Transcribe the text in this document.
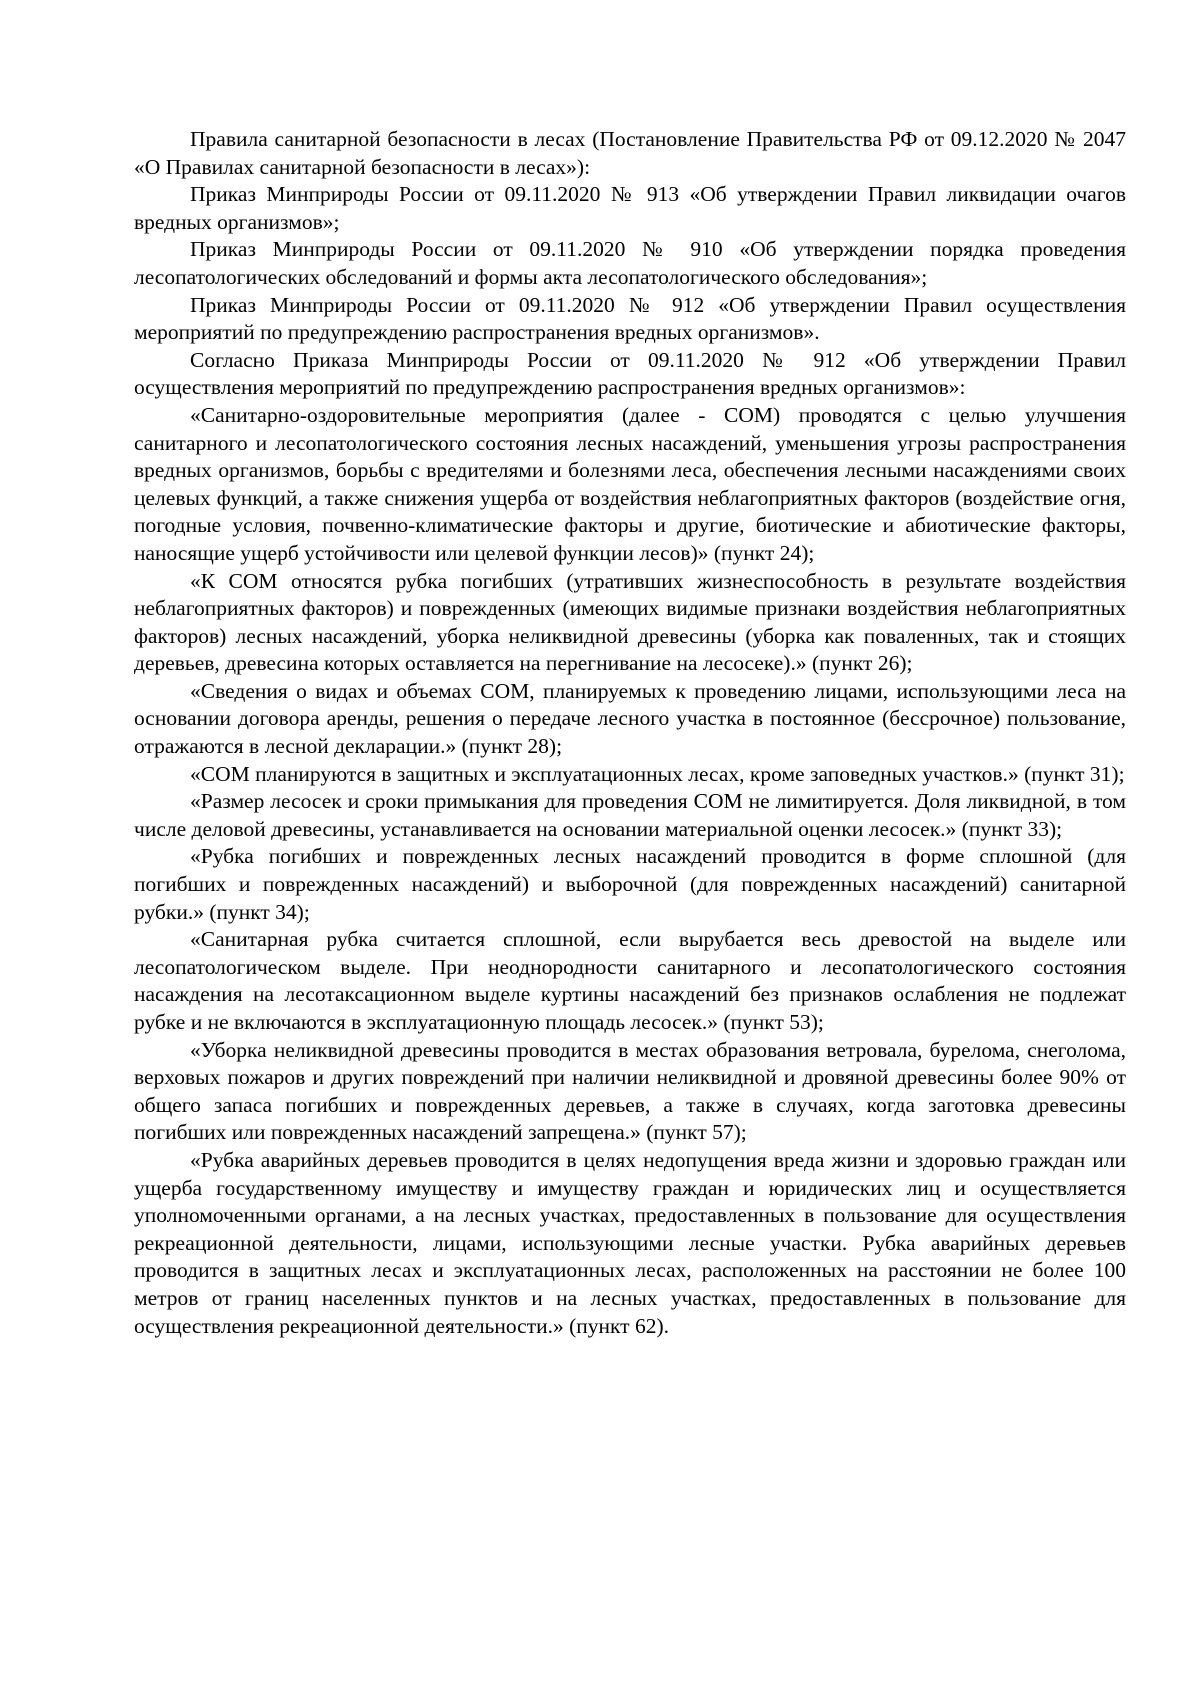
Правила санитарной безопасности в лесах (Постановление Правительства РФ от 09.12.2020 № 2047 «О Правилах санитарной безопасности в лесах»):

Приказ Минприроды России от 09.11.2020 № 913 «Об утверждении Правил ликвидации очагов вредных организмов»;

Приказ Минприроды России от 09.11.2020 № 910 «Об утверждении порядка проведения лесопатологических обследований и формы акта лесопатологического обследования»;

Приказ Минприроды России от 09.11.2020 № 912 «Об утверждении Правил осуществления мероприятий по предупреждению распространения вредных организмов».

Согласно Приказа Минприроды России от 09.11.2020 № 912 «Об утверждении Правил осуществления мероприятий по предупреждению распространения вредных организмов»:

«Санитарно-оздоровительные мероприятия (далее - СОМ) проводятся с целью улучшения санитарного и лесопатологического состояния лесных насаждений, уменьшения угрозы распространения вредных организмов, борьбы с вредителями и болезнями леса, обеспечения лесными насаждениями своих целевых функций, а также снижения ущерба от воздействия неблагоприятных факторов (воздействие огня, погодные условия, почвенно-климатические факторы и другие, биотические и абиотические факторы, наносящие ущерб устойчивости или целевой функции лесов)» (пункт 24);

«К СОМ относятся рубка погибших (утративших жизнеспособность в результате воздействия неблагоприятных факторов) и поврежденных (имеющих видимые признаки воздействия неблагоприятных факторов) лесных насаждений, уборка неликвидной древесины (уборка как поваленных, так и стоящих деревьев, древесина которых оставляется на перегнивание на лесосеке).» (пункт 26);

«Сведения о видах и объемах СОМ, планируемых к проведению лицами, использующими леса на основании договора аренды, решения о передаче лесного участка в постоянное (бессрочное) пользование, отражаются в лесной декларации.» (пункт 28);

«СОМ планируются в защитных и эксплуатационных лесах, кроме заповедных участков.» (пункт 31);

«Размер лесосек и сроки примыкания для проведения СОМ не лимитируется. Доля ликвидной, в том числе деловой древесины, устанавливается на основании материальной оценки лесосек.» (пункт 33);

«Рубка погибших и поврежденных лесных насаждений проводится в форме сплошной (для погибших и поврежденных насаждений) и выборочной (для поврежденных насаждений) санитарной рубки.» (пункт 34);

«Санитарная рубка считается сплошной, если вырубается весь древостой на выделе или лесопатологическом выделе. При неоднородности санитарного и лесопатологического состояния насаждения на лесотаксационном выделе куртины насаждений без признаков ослабления не подлежат рубке и не включаются в эксплуатационную площадь лесосек.» (пункт 53);

«Уборка неликвидной древесины проводится в местах образования ветровала, бурелома, снеголома, верховых пожаров и других повреждений при наличии неликвидной и дровяной древесины более 90% от общего запаса погибших и поврежденных деревьев, а также в случаях, когда заготовка древесины погибших или поврежденных насаждений запрещена.» (пункт 57);

«Рубка аварийных деревьев проводится в целях недопущения вреда жизни и здоровью граждан или ущерба государственному имуществу и имуществу граждан и юридических лиц и осуществляется уполномоченными органами, а на лесных участках, предоставленных в пользование для осуществления рекреационной деятельности, лицами, использующими лесные участки. Рубка аварийных деревьев проводится в защитных лесах и эксплуатационных лесах, расположенных на расстоянии не более 100 метров от границ населенных пунктов и на лесных участках, предоставленных в пользование для осуществления рекреационной деятельности.» (пункт 62).
